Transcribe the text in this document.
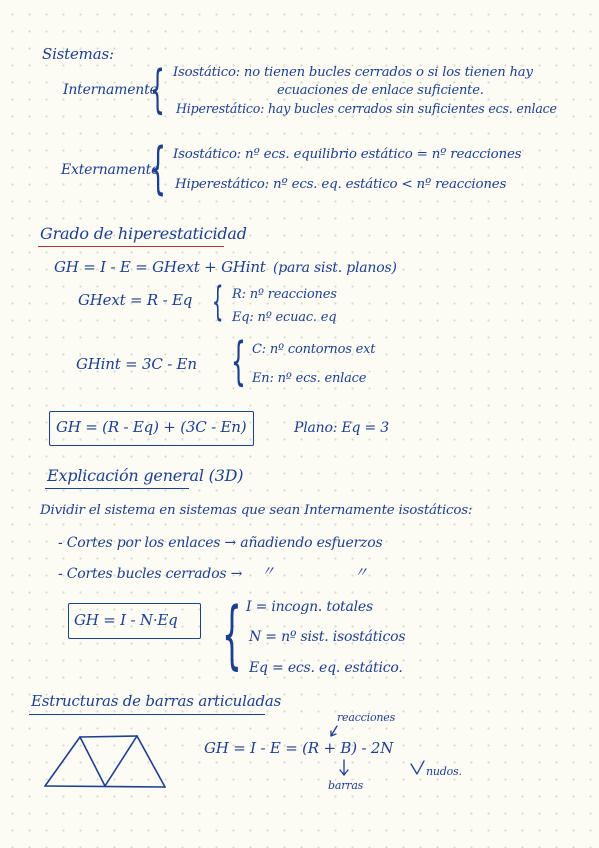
Sistemas:
Internamente
{ Isostático: no tienen bucles cerrados o si los tienen hay
ecuaciones de enlace suficiente.
Hiperestático: hay bucles cerrados sin suficientes ecs. enlace
Externamente
{ Isostático: nº ecs. equilibrio estático = nº reacciones
Hiperestático: nº ecs. eq. estático < nº reacciones
Grado de hiperestaticidad
GH = I - E = GHext + GHint (para sist. planos)
GHext = R - Eq { R: nº reacciones
Eq: nº ecuac. eq
GHint = 3C - En { C: nº contornos ext
En: nº ecs. enlace
GH = (R - Eq) + (3C - En)	Plano: Eq = 3
Explicación general (3D)
Dividir el sistema en sistemas que sean Internamente isostáticos:
- Cortes por los enlaces → añadiendo esfuerzos
- Cortes bucles cerrados → 〃	〃
GH = I - N·Eq { I = incogn. totales
N = nº sist. isostáticos
Eq = ecs. eq. estático.
Estructuras de barras articuladas
reacciones
GH = I - E = (R + B) - 2N
barras
nudos.
